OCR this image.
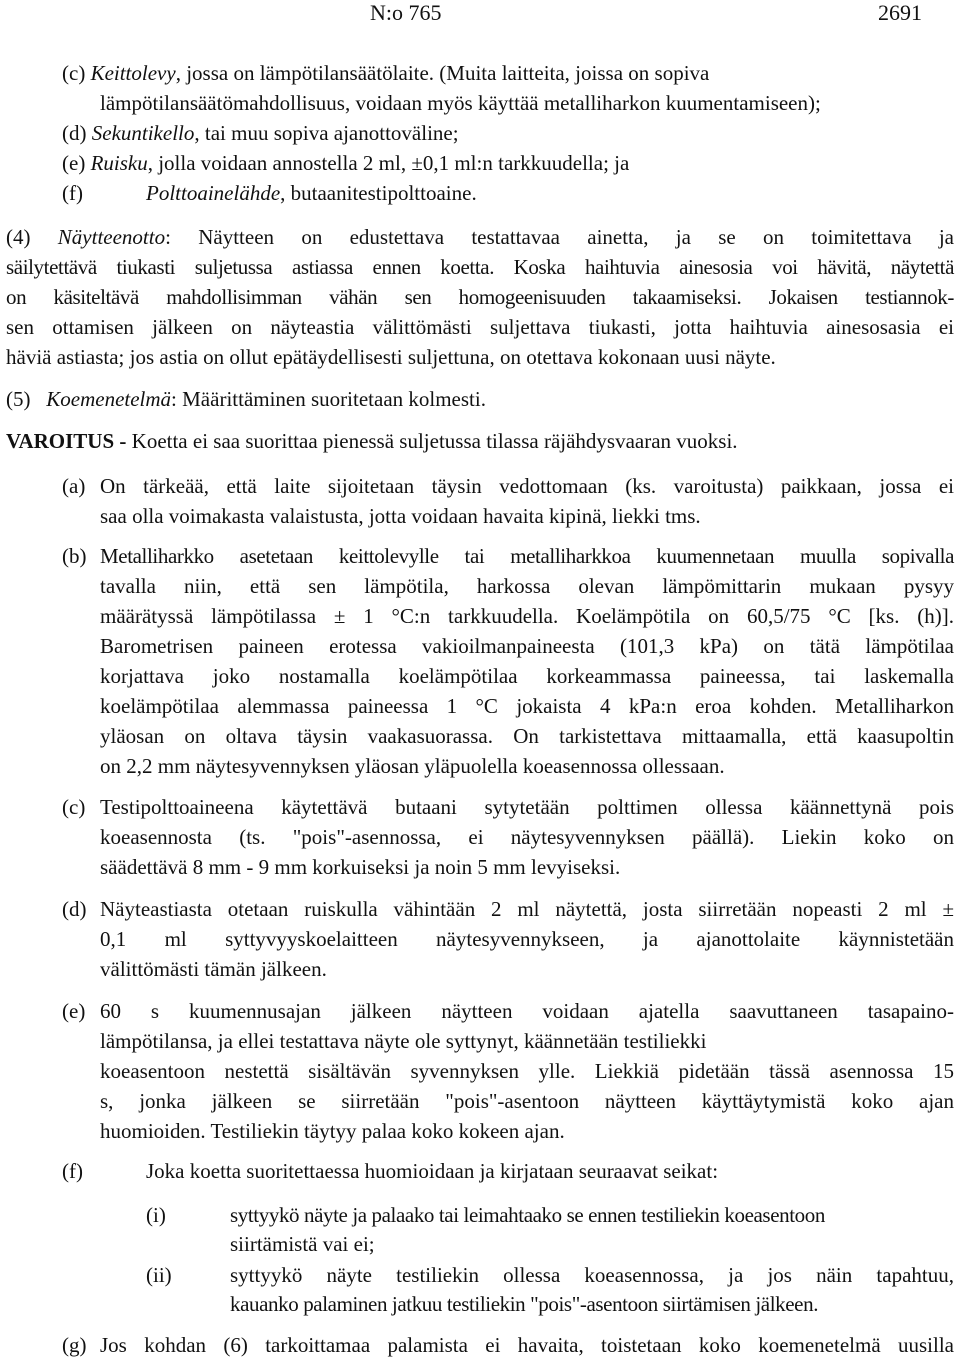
N:o 765	2691
(c) Keittolevy, jossa on lämpötilansäätölaite. (Muita laitteita, joissa on sopiva
lämpötilansäätömahdollisuus, voidaan myös käyttää metalliharkon kuumentamiseen);
(d) Sekuntikello, tai muu sopiva ajanottoväline;
(e) Ruisku, jolla voidaan annostella 2 ml, ±0,1 ml:n tarkkuudella; ja
(f)	Polttoainelähde, butaanitestipolttoaine.
(4) Näytteenotto: Näytteen on edustettava testattavaa ainetta, ja se on toimitettava ja
säilytettävä tiukasti suljetussa astiassa ennen koetta. Koska haihtuvia ainesosia voi hävitä, näytettä
on käsiteltävä mahdollisimman vähän sen homogeenisuuden takaamiseksi. Jokaisen testiannok-
sen ottamisen jälkeen on näyteastia välittömästi suljettava tiukasti, jotta haihtuvia ainesosasia ei
häviä astiasta; jos astia on ollut epätäydellisesti suljettuna, on otettava kokonaan uusi näyte.
(5) Koemenetelmä: Määrittäminen suoritetaan kolmesti.
VAROITUS - Koetta ei saa suorittaa pienessä suljetussa tilassa räjähdysvaaran vuoksi.
(a) On tärkeää, että laite sijoitetaan täysin vedottomaan (ks. varoitusta) paikkaan, jossa ei
saa olla voimakasta valaistusta, jotta voidaan havaita kipinä, liekki tms.
(b) Metalliharkko asetetaan keittolevylle tai metalliharkkoa kuumennetaan muulla sopivalla
tavalla niin, että sen lämpötila, harkossa olevan lämpömittarin mukaan pysyy
määrätyssä lämpötilassa ± 1 °C:n tarkkuudella. Koelämpötila on 60,5/75 °C [ks. (h)].
Barometrisen paineen erotessa vakioilmanpaineesta (101,3 kPa) on tätä lämpötilaa
korjattava joko nostamalla koelämpötilaa korkeammassa paineessa, tai laskemalla
koelämpötilaa alemmassa paineessa 1 °C jokaista 4 kPa:n eroa kohden. Metalliharkon
yläosan on oltava täysin vaakasuorassa. On tarkistettava mittaamalla, että kaasupoltin
on 2,2 mm näytesyvennyksen yläosan yläpuolella koeasennossa ollessaan.
(c) Testipolttoaineena käytettävä butaani sytytetään polttimen ollessa käännettynä pois
koeasennosta (ts. "pois"-asennossa, ei näytesyvennyksen päällä). Liekin koko on
säädettävä 8 mm - 9 mm korkuiseksi ja noin 5 mm levyiseksi.
(d) Näyteastiasta otetaan ruiskulla vähintään 2 ml näytettä, josta siirretään nopeasti 2 ml ±
0,1 ml syttyvyyskoelaitteen näytesyvennykseen, ja ajanottolaite käynnistetään
välittömästi tämän jälkeen.
(e) 60 s kuumennusajan jälkeen näytteen voidaan ajatella saavuttaneen tasapaino-
lämpötilansa, ja ellei testattava näyte ole syttynyt, käännetään testiliekki
koeasentoon nestettä sisältävän syvennyksen ylle. Liekkiä pidetään tässä asennossa 15
s, jonka jälkeen se siirretään "pois"-asentoon näytteen käyttäytymistä koko ajan
huomioiden. Testiliekin täytyy palaa koko kokeen ajan.
(f)	Joka koetta suoritettaessa huomioidaan ja kirjataan seuraavat seikat:
(i)	syttyykö näyte ja palaako tai leimahtaako se ennen testiliekin koeasentoon
siirtämistä vai ei;
(ii)	syttyykö näyte testiliekin ollessa koeasennossa, ja jos näin tapahtuu,
kauanko palaminen jatkuu testiliekin "pois"-asentoon siirtämisen jälkeen.
(g) Jos kohdan (6) tarkoittamaa palamista ei havaita, toistetaan koko koemenetelmä uusilla
